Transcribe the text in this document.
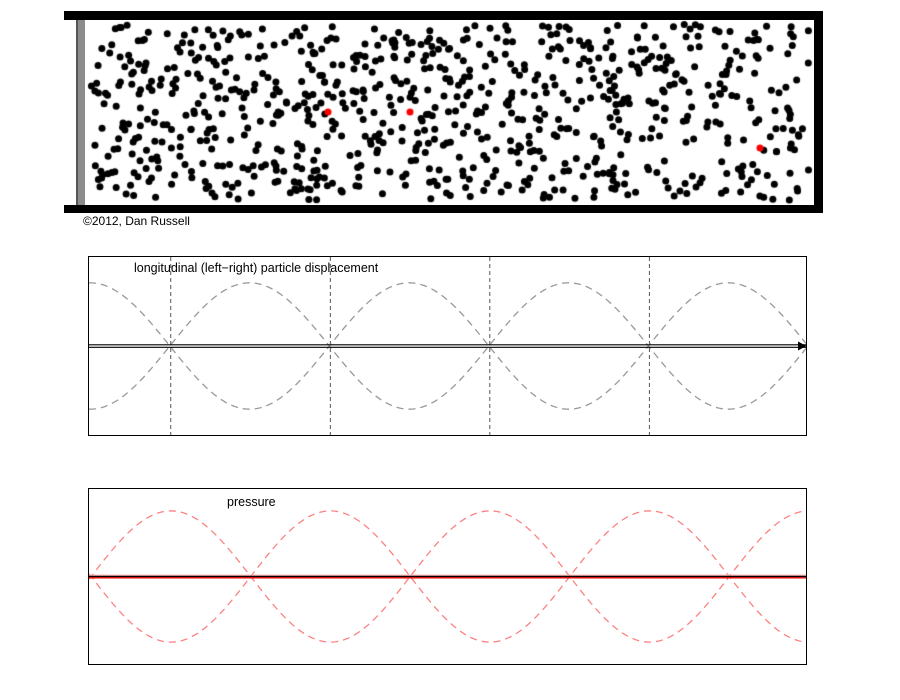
©2012, Dan Russell
longitudinal (left−right) particle displacement
pressure
